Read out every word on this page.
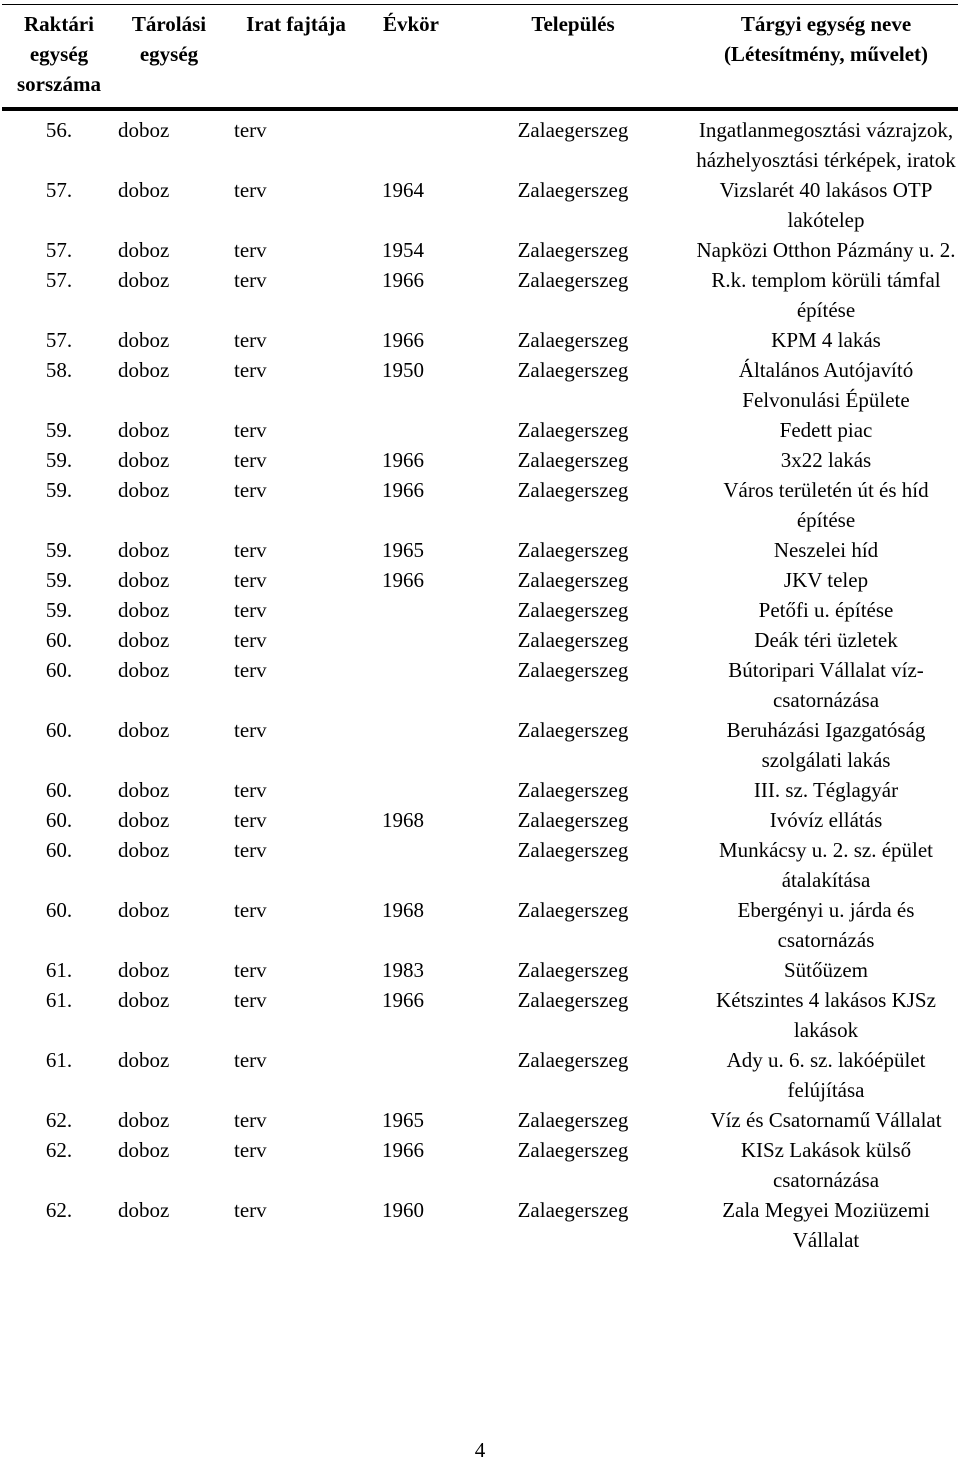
Raktári egység sorszáma	Tárolási egység	Irat fajtája	Évkör	Település	Tárgyi egység neve (Létesítmény, művelet)
56.	doboz	terv		Zalaegerszeg	Ingatlanmegosztási vázrajzok, házhelyosztási térképek, iratok
57.	doboz	terv	1964	Zalaegerszeg	Vizslarét 40 lakásos OTP lakótelep
57.	doboz	terv	1954	Zalaegerszeg	Napközi Otthon Pázmány u. 2.
57.	doboz	terv	1966	Zalaegerszeg	R.k. templom körüli támfal építése
57.	doboz	terv	1966	Zalaegerszeg	KPM 4 lakás
58.	doboz	terv	1950	Zalaegerszeg	Általános Autójavító Felvonulási Épülete
59.	doboz	terv		Zalaegerszeg	Fedett piac
59.	doboz	terv	1966	Zalaegerszeg	3x22 lakás
59.	doboz	terv	1966	Zalaegerszeg	Város területén út és híd építése
59.	doboz	terv	1965	Zalaegerszeg	Neszelei híd
59.	doboz	terv	1966	Zalaegerszeg	JKV telep
59.	doboz	terv		Zalaegerszeg	Petőfi u. építése
60.	doboz	terv		Zalaegerszeg	Deák téri üzletek
60.	doboz	terv		Zalaegerszeg	Bútoripari Vállalat víz-csatornázása
60.	doboz	terv		Zalaegerszeg	Beruházási Igazgatóság szolgálati lakás
60.	doboz	terv		Zalaegerszeg	III. sz. Téglagyár
60.	doboz	terv	1968	Zalaegerszeg	Ivóvíz ellátás
60.	doboz	terv		Zalaegerszeg	Munkácsy u. 2. sz. épület átalakítása
60.	doboz	terv	1968	Zalaegerszeg	Ebergényi u. járda és csatornázás
61.	doboz	terv	1983	Zalaegerszeg	Sütőüzem
61.	doboz	terv	1966	Zalaegerszeg	Kétszintes 4 lakásos KJSz lakások
61.	doboz	terv		Zalaegerszeg	Ady u. 6. sz. lakóépület felújítása
62.	doboz	terv	1965	Zalaegerszeg	Víz és Csatornamű Vállalat
62.	doboz	terv	1966	Zalaegerszeg	KISz Lakások külső csatornázása
62.	doboz	terv	1960	Zalaegerszeg	Zala Megyei Moziüzemi Vállalat
4
